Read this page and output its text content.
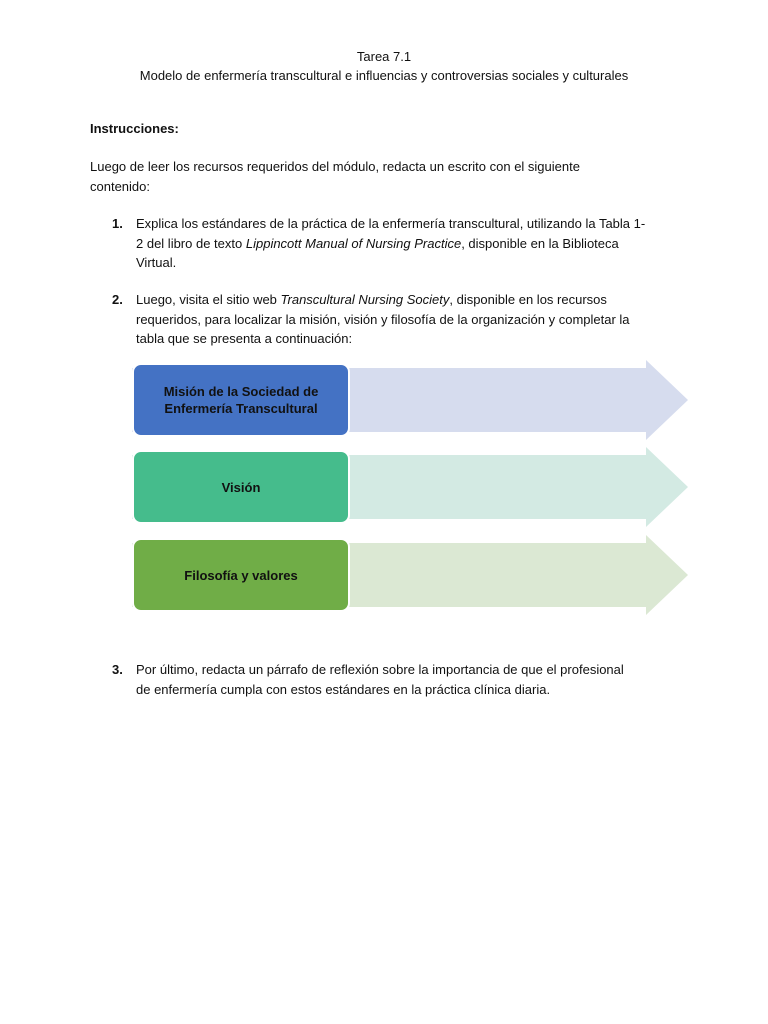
Tarea 7.1
Modelo de enfermería transcultural e influencias y controversias sociales y culturales
Instrucciones:
Luego de leer los recursos requeridos del módulo, redacta un escrito con el siguiente
contenido:
1. Explica los estándares de la práctica de la enfermería transcultural, utilizando la Tabla 1-
2 del libro de texto Lippincott Manual of Nursing Practice, disponible en la Biblioteca
Virtual.
2. Luego, visita el sitio web Transcultural Nursing Society, disponible en los recursos
requeridos, para localizar la misión, visión y filosofía de la organización y completar la
tabla que se presenta a continuación:
Misión de la Sociedad de Enfermería Transcultural
Visión
Filosofía y valores
3. Por último, redacta un párrafo de reflexión sobre la importancia de que el profesional
de enfermería cumpla con estos estándares en la práctica clínica diaria.
